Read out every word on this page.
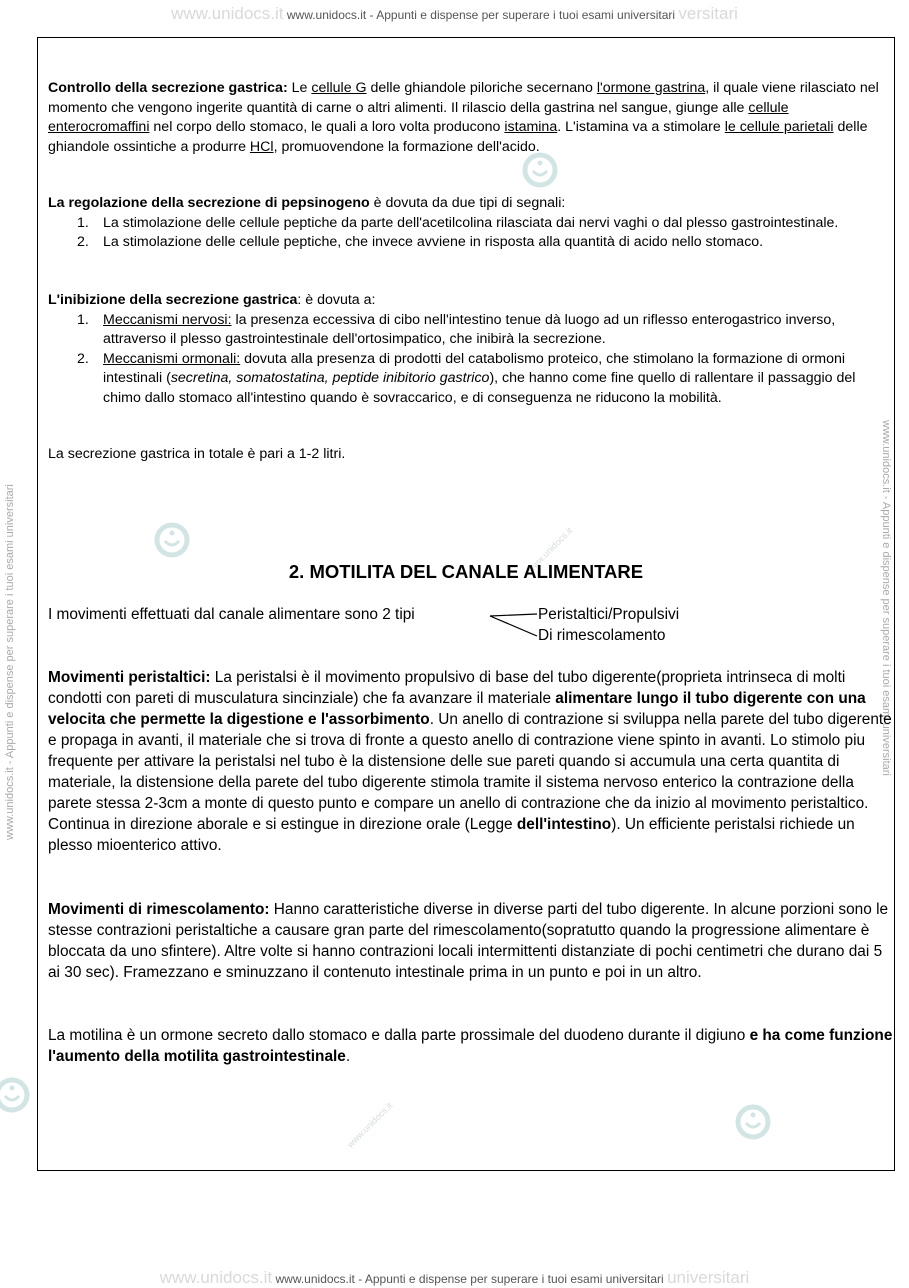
www.unidocs.it www.unidocs.it - Appunti e dispense per superare i tuoi esami universitari versitari
www.unidocs.it www.unidocs.it - Appunti e dispense per superare i tuoi esami universitari universitari
www.unidocs.it - Appunti e dispense per superare i tuoi esami universitari	www.unidocs.it - Appunti e dispense per superare i tuoi esami universitari
www.unidocs.it
www.unidocs.it
Controllo della secrezione gastrica: Le cellule G delle ghiandole piloriche secernano l'ormone gastrina, il quale viene rilasciato nel momento che vengono ingerite quantità di carne o altri alimenti. Il rilascio della gastrina nel sangue, giunge alle cellule enterocromaffini nel corpo dello stomaco, le quali a loro volta producono istamina. L'istamina va a stimolare le cellule parietali delle ghiandole ossintiche a produrre HCl, promuovendone la formazione dell'acido.
La regolazione della secrezione di pepsinogeno è dovuta da due tipi di segnali:
1. La stimolazione delle cellule peptiche da parte dell'acetilcolina rilasciata dai nervi vaghi o dal plesso gastrointestinale.
2. La stimolazione delle cellule peptiche, che invece avviene in risposta alla quantità di acido nello stomaco.
L'inibizione della secrezione gastrica: è dovuta a:
1. Meccanismi nervosi: la presenza eccessiva di cibo nell'intestino tenue dà luogo ad un riflesso enterogastrico inverso, attraverso il plesso gastrointestinale dell'ortosimpatico, che inibirà la secrezione.
2. Meccanismi ormonali: dovuta alla presenza di prodotti del catabolismo proteico, che stimolano la formazione di ormoni intestinali (secretina, somatostatina, peptide inibitorio gastrico), che hanno come fine quello di rallentare il passaggio del chimo dallo stomaco all'intestino quando è sovraccarico, e di conseguenza ne riducono la mobilità.
La secrezione gastrica in totale è pari a 1-2 litri.
2. MOTILITA DEL CANALE ALIMENTARE
I movimenti effettuati dal canale alimentare sono 2 tipi	Peristaltici/Propulsivi
Di rimescolamento
Movimenti peristaltici: La peristalsi è il movimento propulsivo di base del tubo digerente(proprieta intrinseca di molti condotti con pareti di musculatura sincinziale) che fa avanzare il materiale alimentare lungo il tubo digerente con una velocita che permette la digestione e l'assorbimento. Un anello di contrazione si sviluppa nella parete del tubo digerente e propaga in avanti, il materiale che si trova di fronte a questo anello di contrazione viene spinto in avanti. Lo stimolo piu frequente per attivare la peristalsi nel tubo è la distensione delle sue pareti quando si accumula una certa quantita di materiale, la distensione della parete del tubo digerente stimola tramite il sistema nervoso enterico la contrazione della parete stessa 2-3cm a monte di questo punto e compare un anello di contrazione che da inizio al movimento peristaltico. Continua in direzione aborale e si estingue in direzione orale (Legge dell'intestino). Un efficiente peristalsi richiede un plesso mioenterico attivo.
Movimenti di rimescolamento: Hanno caratteristiche diverse in diverse parti del tubo digerente. In alcune porzioni sono le stesse contrazioni peristaltiche a causare gran parte del rimescolamento(sopratutto quando la progressione alimentare è bloccata da uno sfintere). Altre volte si hanno contrazioni locali intermittenti distanziate di pochi centimetri che durano dai 5 ai 30 sec). Framezzano e sminuzzano il contenuto intestinale prima in un punto e poi in un altro.
La motilina è un ormone secreto dallo stomaco e dalla parte prossimale del duodeno durante il digiuno e ha come funzione l'aumento della motilita gastrointestinale.
